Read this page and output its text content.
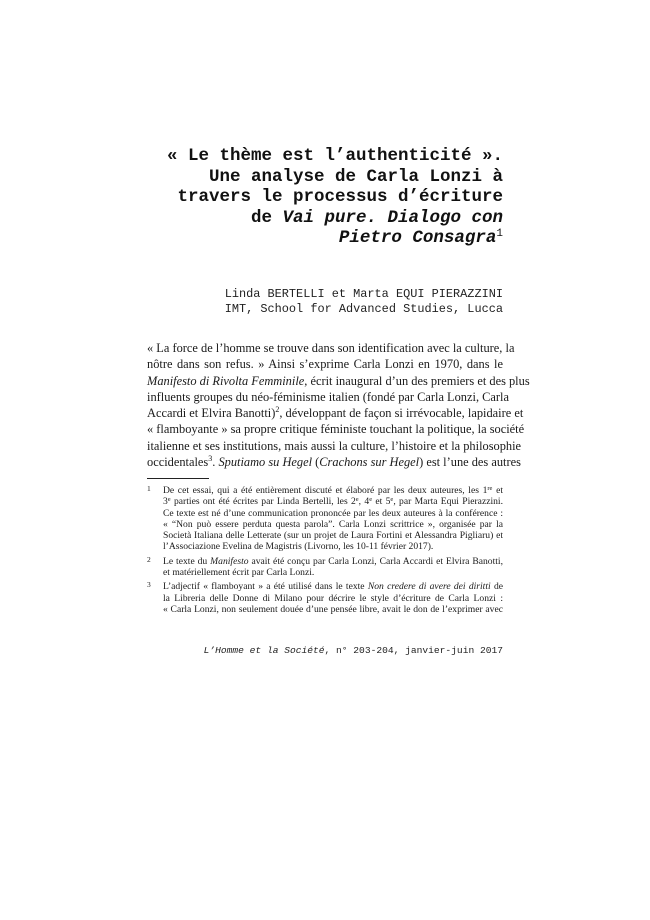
« Le thème est l’authenticité ».
Une analyse de Carla Lonzi à
travers le processus d’écriture
de Vai pure. Dialogo con
Pietro Consagra$^1$
Linda BERTELLI et Marta EQUI PIERAZZINI
IMT, School for Advanced Studies, Lucca
« La force de l’homme se trouve dans son identification avec la culture, la
nôtre dans son refus. » Ainsi s’exprime Carla Lonzi en 1970, dans le
Manifesto di Rivolta Femminile, écrit inaugural d’un des premiers et des plus
influents groupes du néo-féminisme italien (fondé par Carla Lonzi, Carla
Accardi et Elvira Banotti)$^2$, développant de façon si irrévocable, lapidaire et
« flamboyante » sa propre critique féministe touchant la politique, la société
italienne et ses institutions, mais aussi la culture, l’histoire et la philosophie
occidentales$^3$. Sputiamo su Hegel (Crachons sur Hegel) est l’une des autres
1 De cet essai, qui a été entièrement discuté et élaboré par les deux auteures, les 1re et
3e parties ont été écrites par Linda Bertelli, les 2e, 4e et 5e, par Marta Equi Pierazzini.
Ce texte est né d’une communication prononcée par les deux auteures à la conférence :
« “Non può essere perduta questa parola”. Carla Lonzi scrittrice », organisée par la
Società Italiana delle Letterate (sur un projet de Laura Fortini et Alessandra Pigliaru) et
l’Associazione Evelina de Magistris (Livorno, les 10-11 février 2017).
2 Le texte du Manifesto avait été conçu par Carla Lonzi, Carla Accardi et Elvira Banotti,
et matériellement écrit par Carla Lonzi.
3 L’adjectif « flamboyant » a été utilisé dans le texte Non credere di avere dei diritti de
la Libreria delle Donne di Milano pour décrire le style d’écriture de Carla Lonzi :
« Carla Lonzi, non seulement douée d’une pensée libre, avait le don de l’exprimer avec
L’Homme et la Société, n° 203-204, janvier-juin 2017
